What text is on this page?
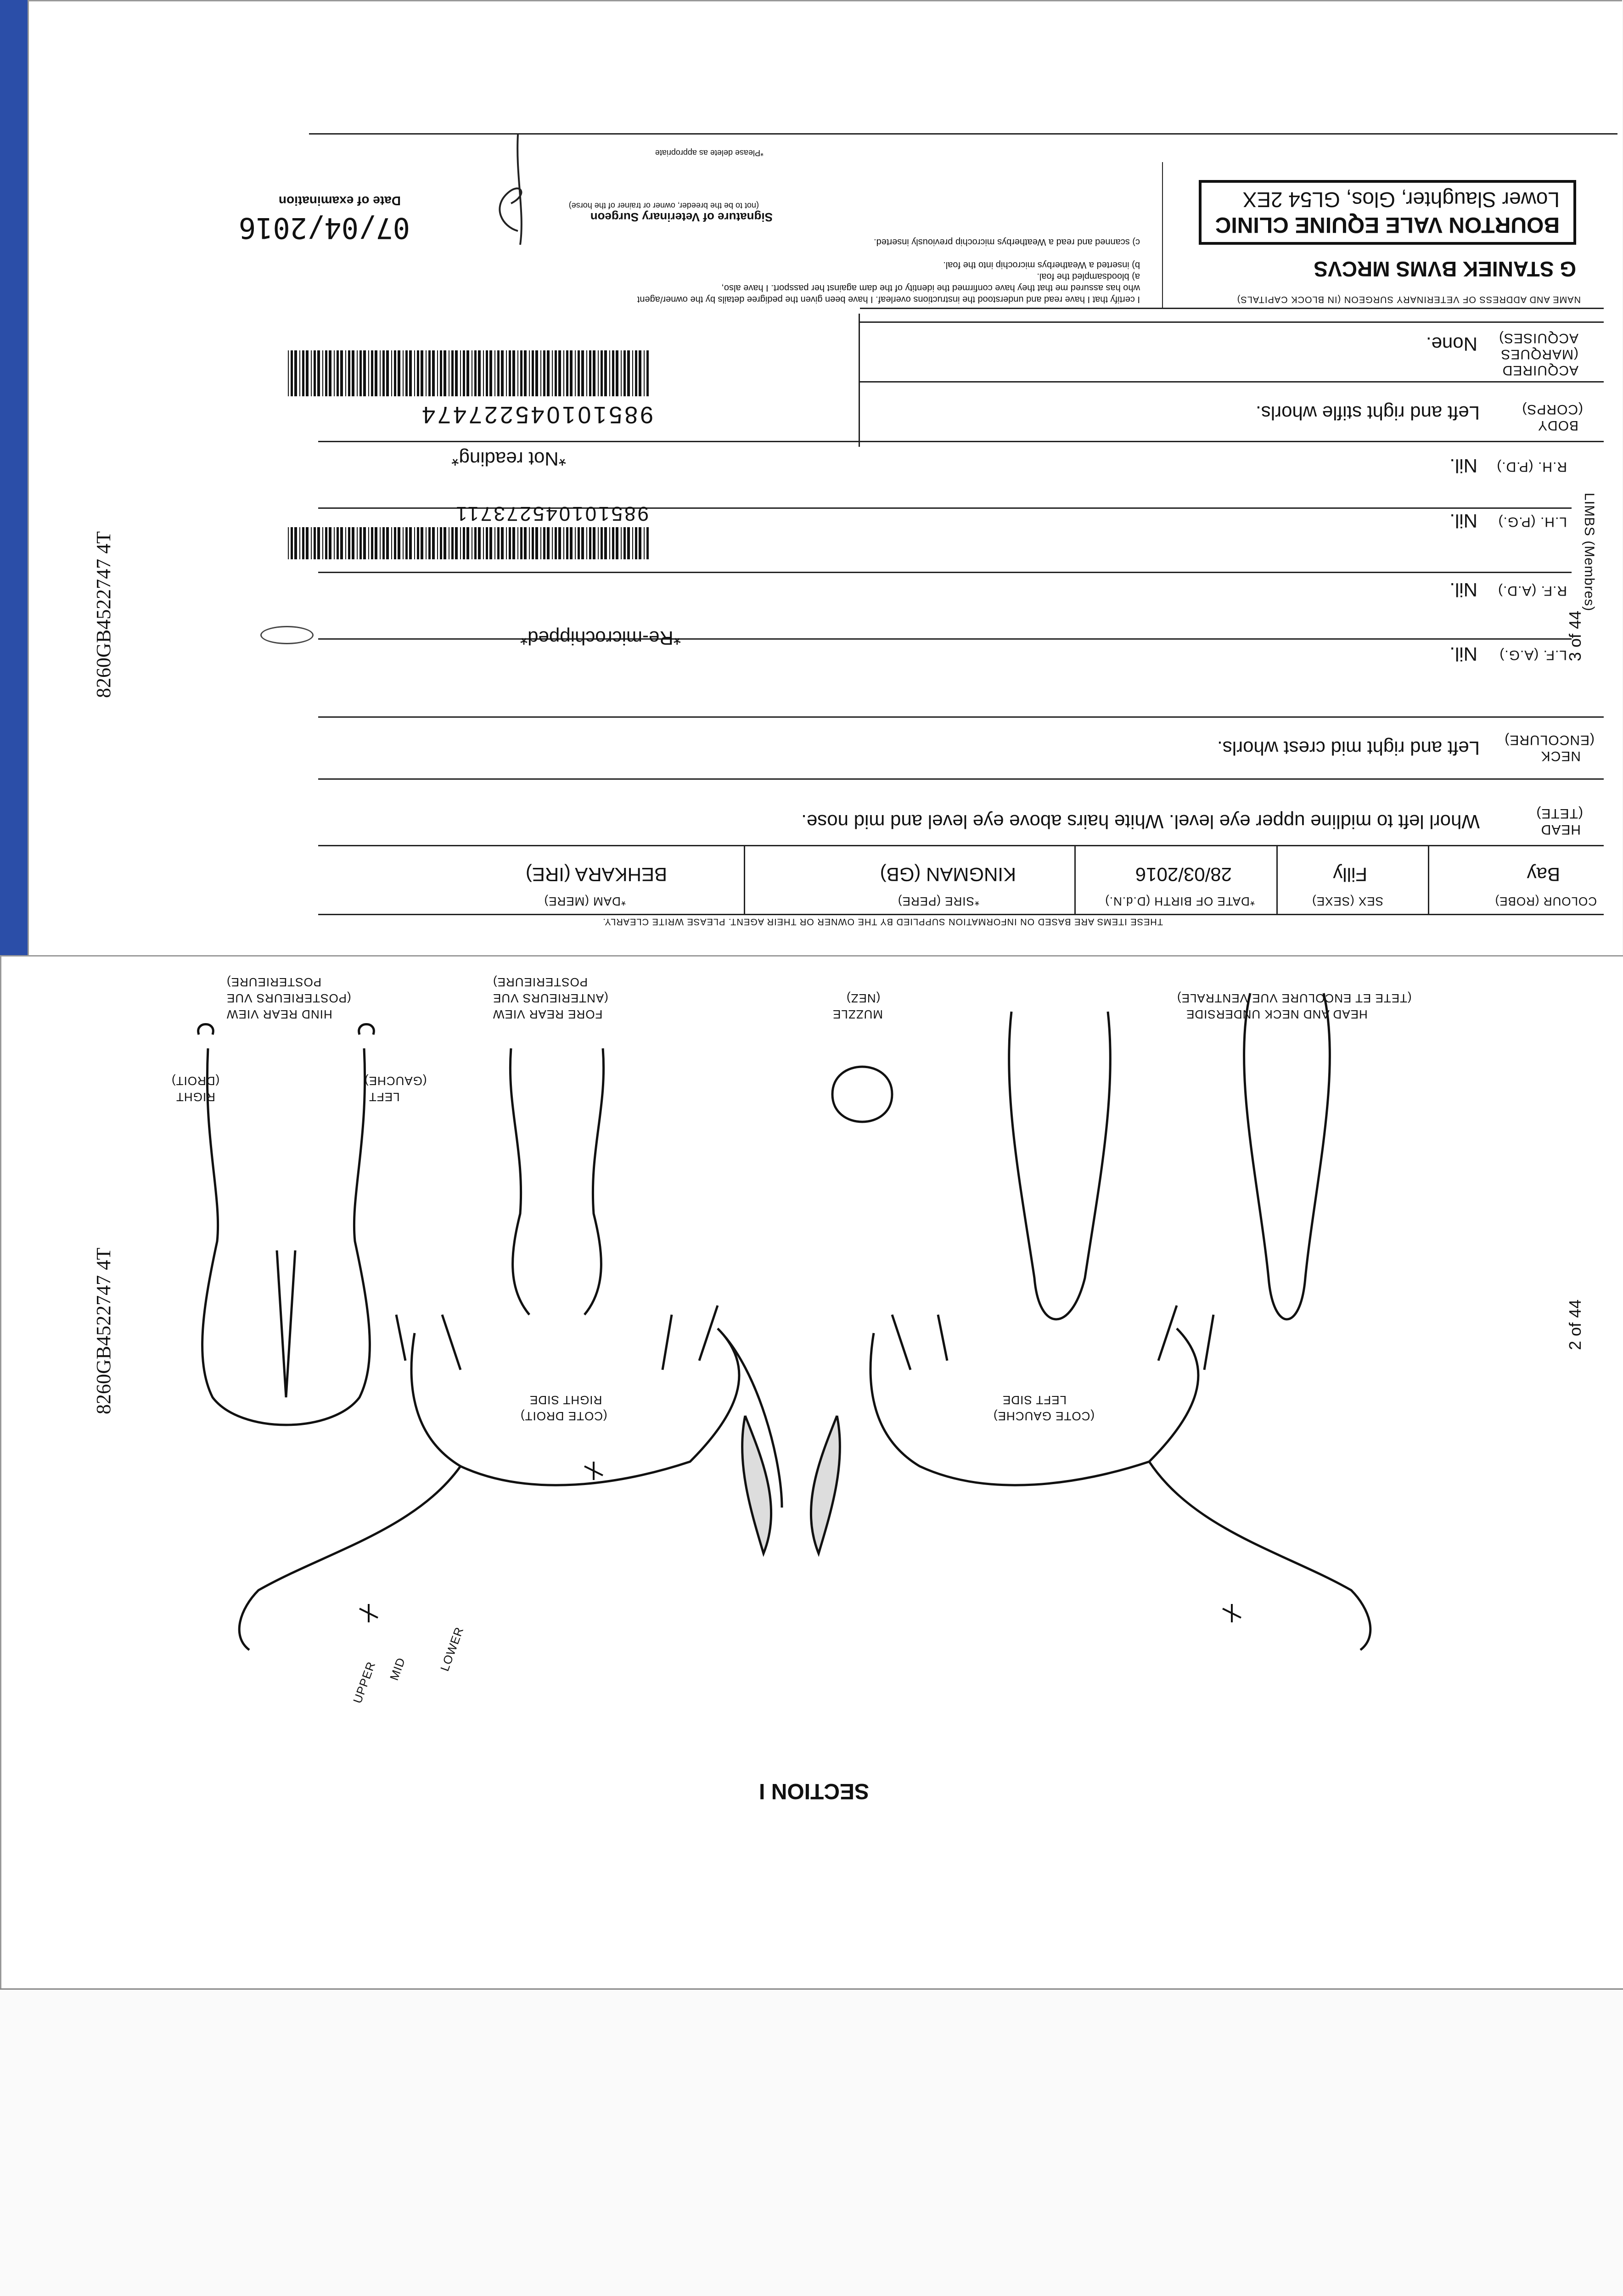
THESE ITEMS ARE BASED ON INFORMATION SUPPLIED BY THE OWNER OR THEIR AGENT. PLEASE WRITE CLEARLY.
COLOUR (ROBE)
Bay
SEX (SEXE)
Filly
*DATE OF BIRTH (D.d.N.)
28/03/2016
*SIRE (PERE)
KINGMAN (GB)
*DAM (MERE)
BEHKARA (IRE)
HEAD
(TETE)
Whorl left to midline upper eye level. White hairs above eye level and mid nose.
NECK
(ENCOLURE)
Left and right mid crest whorls.
LIMBS (Membres)
L.F. (A.G.)
Nil.
R.F. (A.D.)
Nil.
L.H. (P.G.)
Nil.
R.H. (P.D.)
Nil.
BODY
(CORPS)
Left and right stifle whorls.
ACQUIRED
(MARQUES
ACQUISES)
None.
*Re-microchipped*
985101045273711
*Not reading*
985101045227474
NAME AND ADDRESS OF VETERINARY SURGEON (IN BLOCK CAPITALS)
G STANIEK BVMS MRCVS
BOURTON VALE EQUINE CLINIC
Lower Slaughter, Glos, GL54 2EX
I certify that I have read and understood the instructions overleaf. I have been given the pedigree details by the owner/agent
who has assured me that they have confirmed the identity of the dam against her passport. I have also,
a) bloodsampled the foal.
b) inserted a Weatherbys microchip into the foal.
c) scanned and read a Weatherbys microchip previously inserted.
Signature of Veterinary Surgeon
(not to be the breeder, owner or trainer of the horse)
*Please delete as appropriate
07/04/2016
Date of examination
8260GB4522747 4T	3 of 44
HIND REAR VIEW
(POSTERIEURS VUE
POSTERIEURE)
FORE REAR VIEW
(ANTERIEURS VUE
POSTERIEURE)
MUZZLE
(NEZ)
HEAD AND NECK UNDERSIDE
(TETE ET ENCOLURE VUE VENTRALE)
RIGHT SIDE
(COTE DROIT)
LEFT SIDE
(COTE GAUCHE)
LEFT
(GAUCHE)
RIGHT
(DROIT)
UPPER MID LOWER
SECTION I
8260GB4522747 4T	2 of 44
